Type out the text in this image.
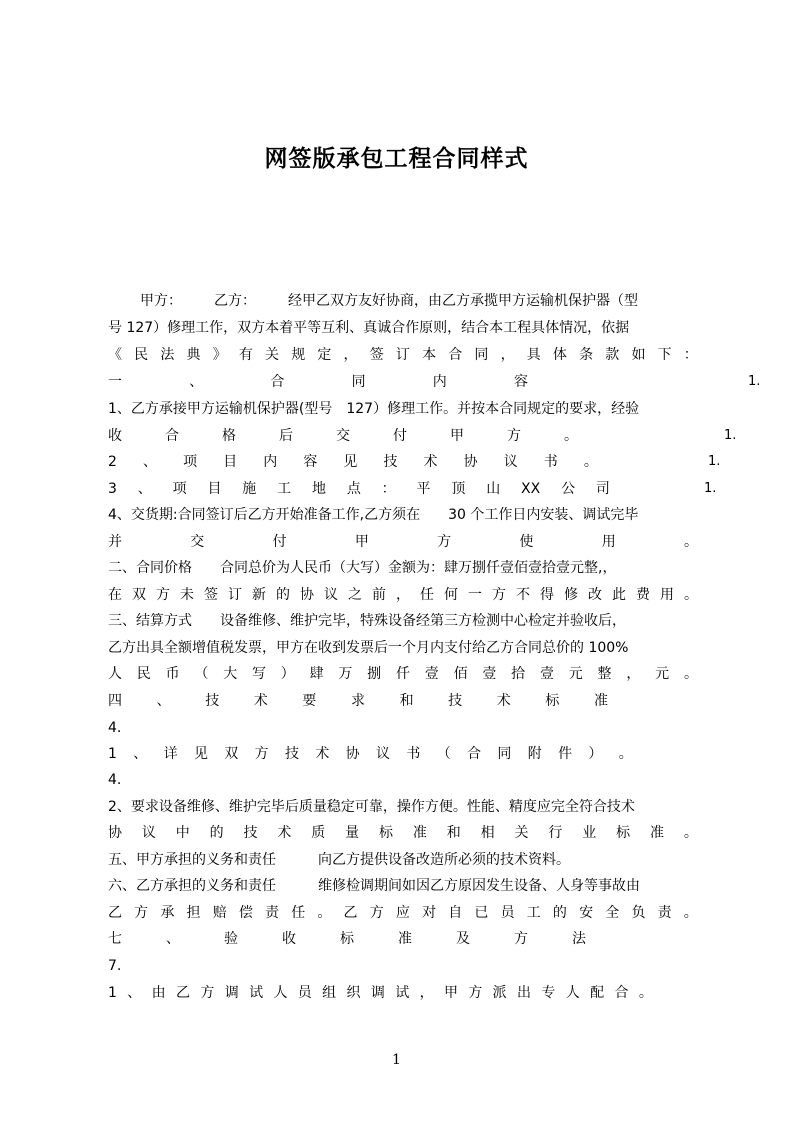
网签版承包工程合同样式
甲方： 乙方： 经甲乙双方友好协商，由乙方承揽甲方运输机保护器（型
号 127）修理工作，双方本着平等互利、真诚合作原则，结合本工程具体情况，依据
《 民 法 典 》 有 关 规 定 ， 签 订 本 合 同 ， 具 体 条 款 如 下 ：
一	、	合	同	内	容	1.
1、乙方承接甲方运输机保护器(型号　127）修理工作。并按本合同规定的要求，经验
收	合	格	后	交	付	甲	方	。	1.
2 、 项 目 内 容 见 技 术 协 议 书 。	1.
3 、 项 目 施 工 地 点 ： 平 顶 山 XX 公 司	1.
4、交货期:合同签订后乙方开始准备工作,乙方须在　　30 个工作日内安装、调试完毕
并	交	付	甲	方	使	用	。
二、合同价格　　合同总价为人民币（大写）金额为：肆万捌仟壹佰壹拾壹元整,，
在 双 方 未 签 订 新 的 协 议 之 前 ， 任 何 一 方 不 得 修 改 此 费 用 。
三、结算方式　　设备维修、维护完毕，特殊设备经第三方检测中心检定并验收后，
乙方出具全额增值税发票，甲方在收到发票后一个月内支付给乙方合同总价的 100%
人 民 币 （ 大 写 ） 肆 万 捌 仟 壹 佰 壹 拾 壹 元 整 ， 元 。
四 、 技 术 要 求 和 技 术 标 准
4.
1 、 详 见 双 方 技 术 协 议 书 （ 合 同 附 件 ） 。
4.
2、要求设备维修、维护完毕后质量稳定可靠，操作方便。性能、精度应完全符合技术
协 议 中 的 技 术 质 量 标 准 和 相 关 行 业 标 准 。
五、甲方承担的义务和责任　　　向乙方提供设备改造所必须的技术资料。
六、乙方承担的义务和责任　　　维修检调期间如因乙方原因发生设备、人身等事故由
乙 方 承 担 赔 偿 责 任 。 乙 方 应 对 自 已 员 工 的 安 全 负 责 。
七	、	验	收	标	准	及	方	法
7.
1 、 由 乙 方 调 试 人 员 组 织 调 试 ， 甲 方 派 出 专 人 配 合 。
1
